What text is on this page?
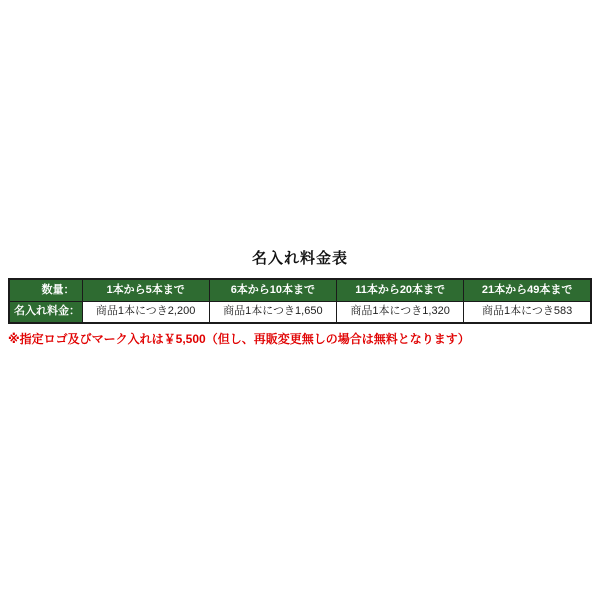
名入れ料金表
数量：	1本から5本まで	6本から10本まで	11本から20本まで	21本から49本まで
名入れ料金：	商品1本につき2,200	商品1本につき1,650	商品1本につき1,320	商品1本につき583
※指定ロゴ及びマーク入れは￥5,500（但し、再販変更無しの場合は無料となります）
